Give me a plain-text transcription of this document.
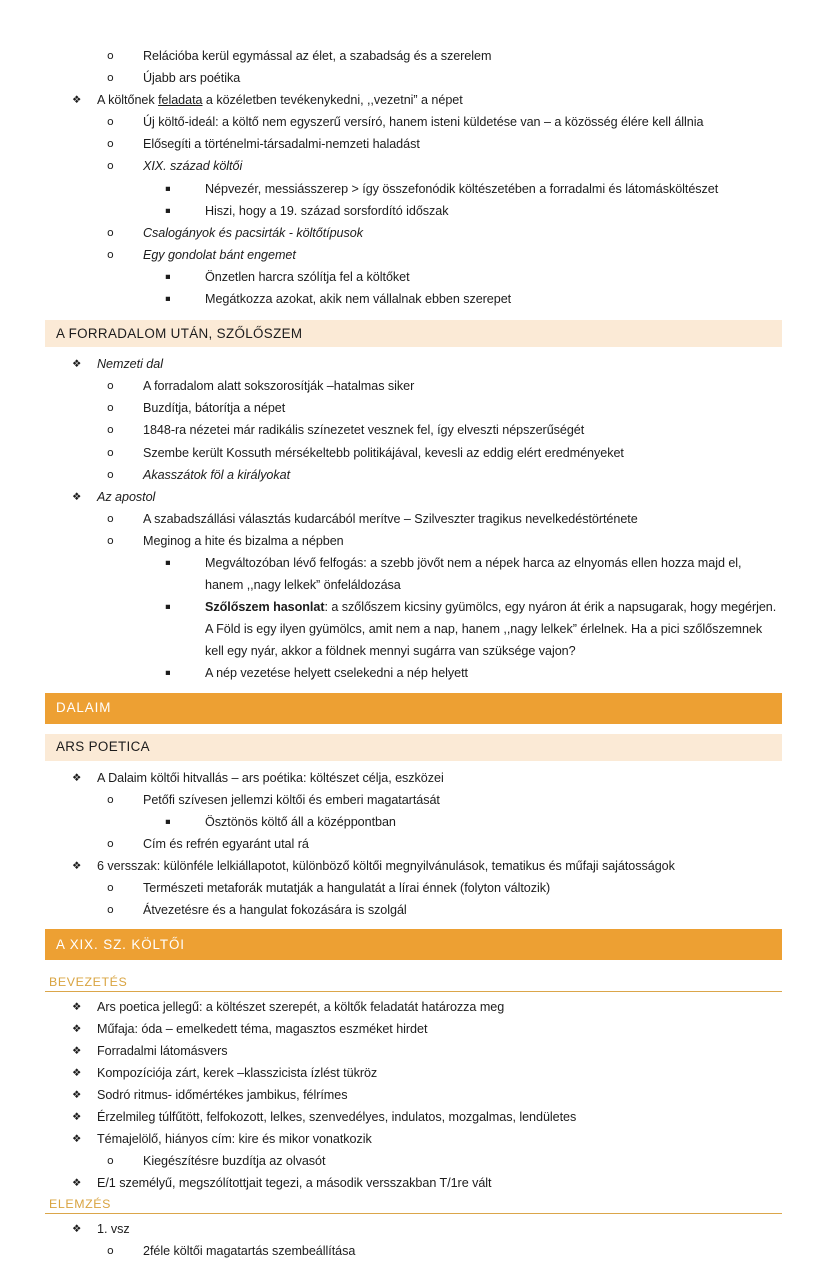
o	Relációba kerül egymással az élet, a szabadság és a szerelem
o	Újabb ars poétika
❖	A költőnek feladata a közéletben tevékenykedni, ,,vezetni” a népet
o	Új költő-ideál: a költő nem egyszerű versíró, hanem isteni küldetése van – a közösség élére kell állnia
o	Elősegíti a történelmi-társadalmi-nemzeti haladást
o	XIX. század költői
▪	Népvezér, messiásszerep > így összefonódik költészetében a forradalmi és látomásköltészet
▪	Hiszi, hogy a 19. század sorsfordító időszak
o	Csalogányok és pacsirták - költőtípusok
o	Egy gondolat bánt engemet
▪	Önzetlen harcra szólítja fel a költőket
▪	Megátkozza azokat, akik nem vállalnak ebben szerepet
A FORRADALOM UTÁN, SZŐLŐSZEM
❖	Nemzeti dal
o	A forradalom alatt sokszorosítják –hatalmas siker
o	Buzdítja, bátorítja a népet
o	1848-ra nézetei már radikális színezetet vesznek fel, így elveszti népszerűségét
o	Szembe került Kossuth mérsékeltebb politikájával, kevesli az eddig elért eredményeket
o	Akasszátok föl a királyokat
❖	Az apostol
o	A szabadszállási választás kudarcából merítve – Szilveszter tragikus nevelkedéstörténete
o	Meginog a hite és bizalma a népben
▪	Megváltozóban lévő felfogás: a szebb jövőt nem a népek harca az elnyomás ellen hozza majd el, hanem ,,nagy lelkek” önfeláldozása
▪	Szőlőszem hasonlat: a szőlőszem kicsiny gyümölcs, egy nyáron át érik a napsugarak, hogy megérjen. A Föld is egy ilyen gyümölcs, amit nem a nap, hanem ,,nagy lelkek” érlelnek. Ha a pici szőlőszemnek kell egy nyár, akkor a földnek mennyi sugárra van szüksége vajon?
▪	A nép vezetése helyett cselekedni a nép helyett
DALAIM
ARS POETICA
❖	A Dalaim költői hitvallás – ars poétika: költészet célja, eszközei
o	Petőfi szívesen jellemzi költői és emberi magatartását
▪	Ösztönös költő áll a középpontban
o	Cím és refrén egyaránt utal rá
❖	6 versszak: különféle lelkiállapotot, különböző költői megnyilvánulások, tematikus és műfaji sajátosságok
o	Természeti metaforák mutatják a hangulatát a lírai énnek (folyton változik)
o	Átvezetésre és a hangulat fokozására is szolgál
A XIX. SZ. KÖLTŐI
BEVEZETÉS
❖	Ars poetica jellegű: a költészet szerepét, a költők feladatát határozza meg
❖	Műfaja: óda – emelkedett téma, magasztos eszméket hirdet
❖	Forradalmi látomásvers
❖	Kompozíciója zárt, kerek –klasszicista ízlést tükröz
❖	Sodró ritmus- időmértékes jambikus, félrímes
❖	Érzelmileg túlfűtött, felfokozott, lelkes, szenvedélyes, indulatos, mozgalmas, lendületes
❖	Témajelölő, hiányos cím: kire és mikor vonatkozik
o	Kiegészítésre buzdítja az olvasót
❖	E/1 személyű, megszólítottjait tegezi, a második versszakban T/1re vált
ELEMZÉS
❖	1. vsz
o	2féle költői magatartás szembeállítása
